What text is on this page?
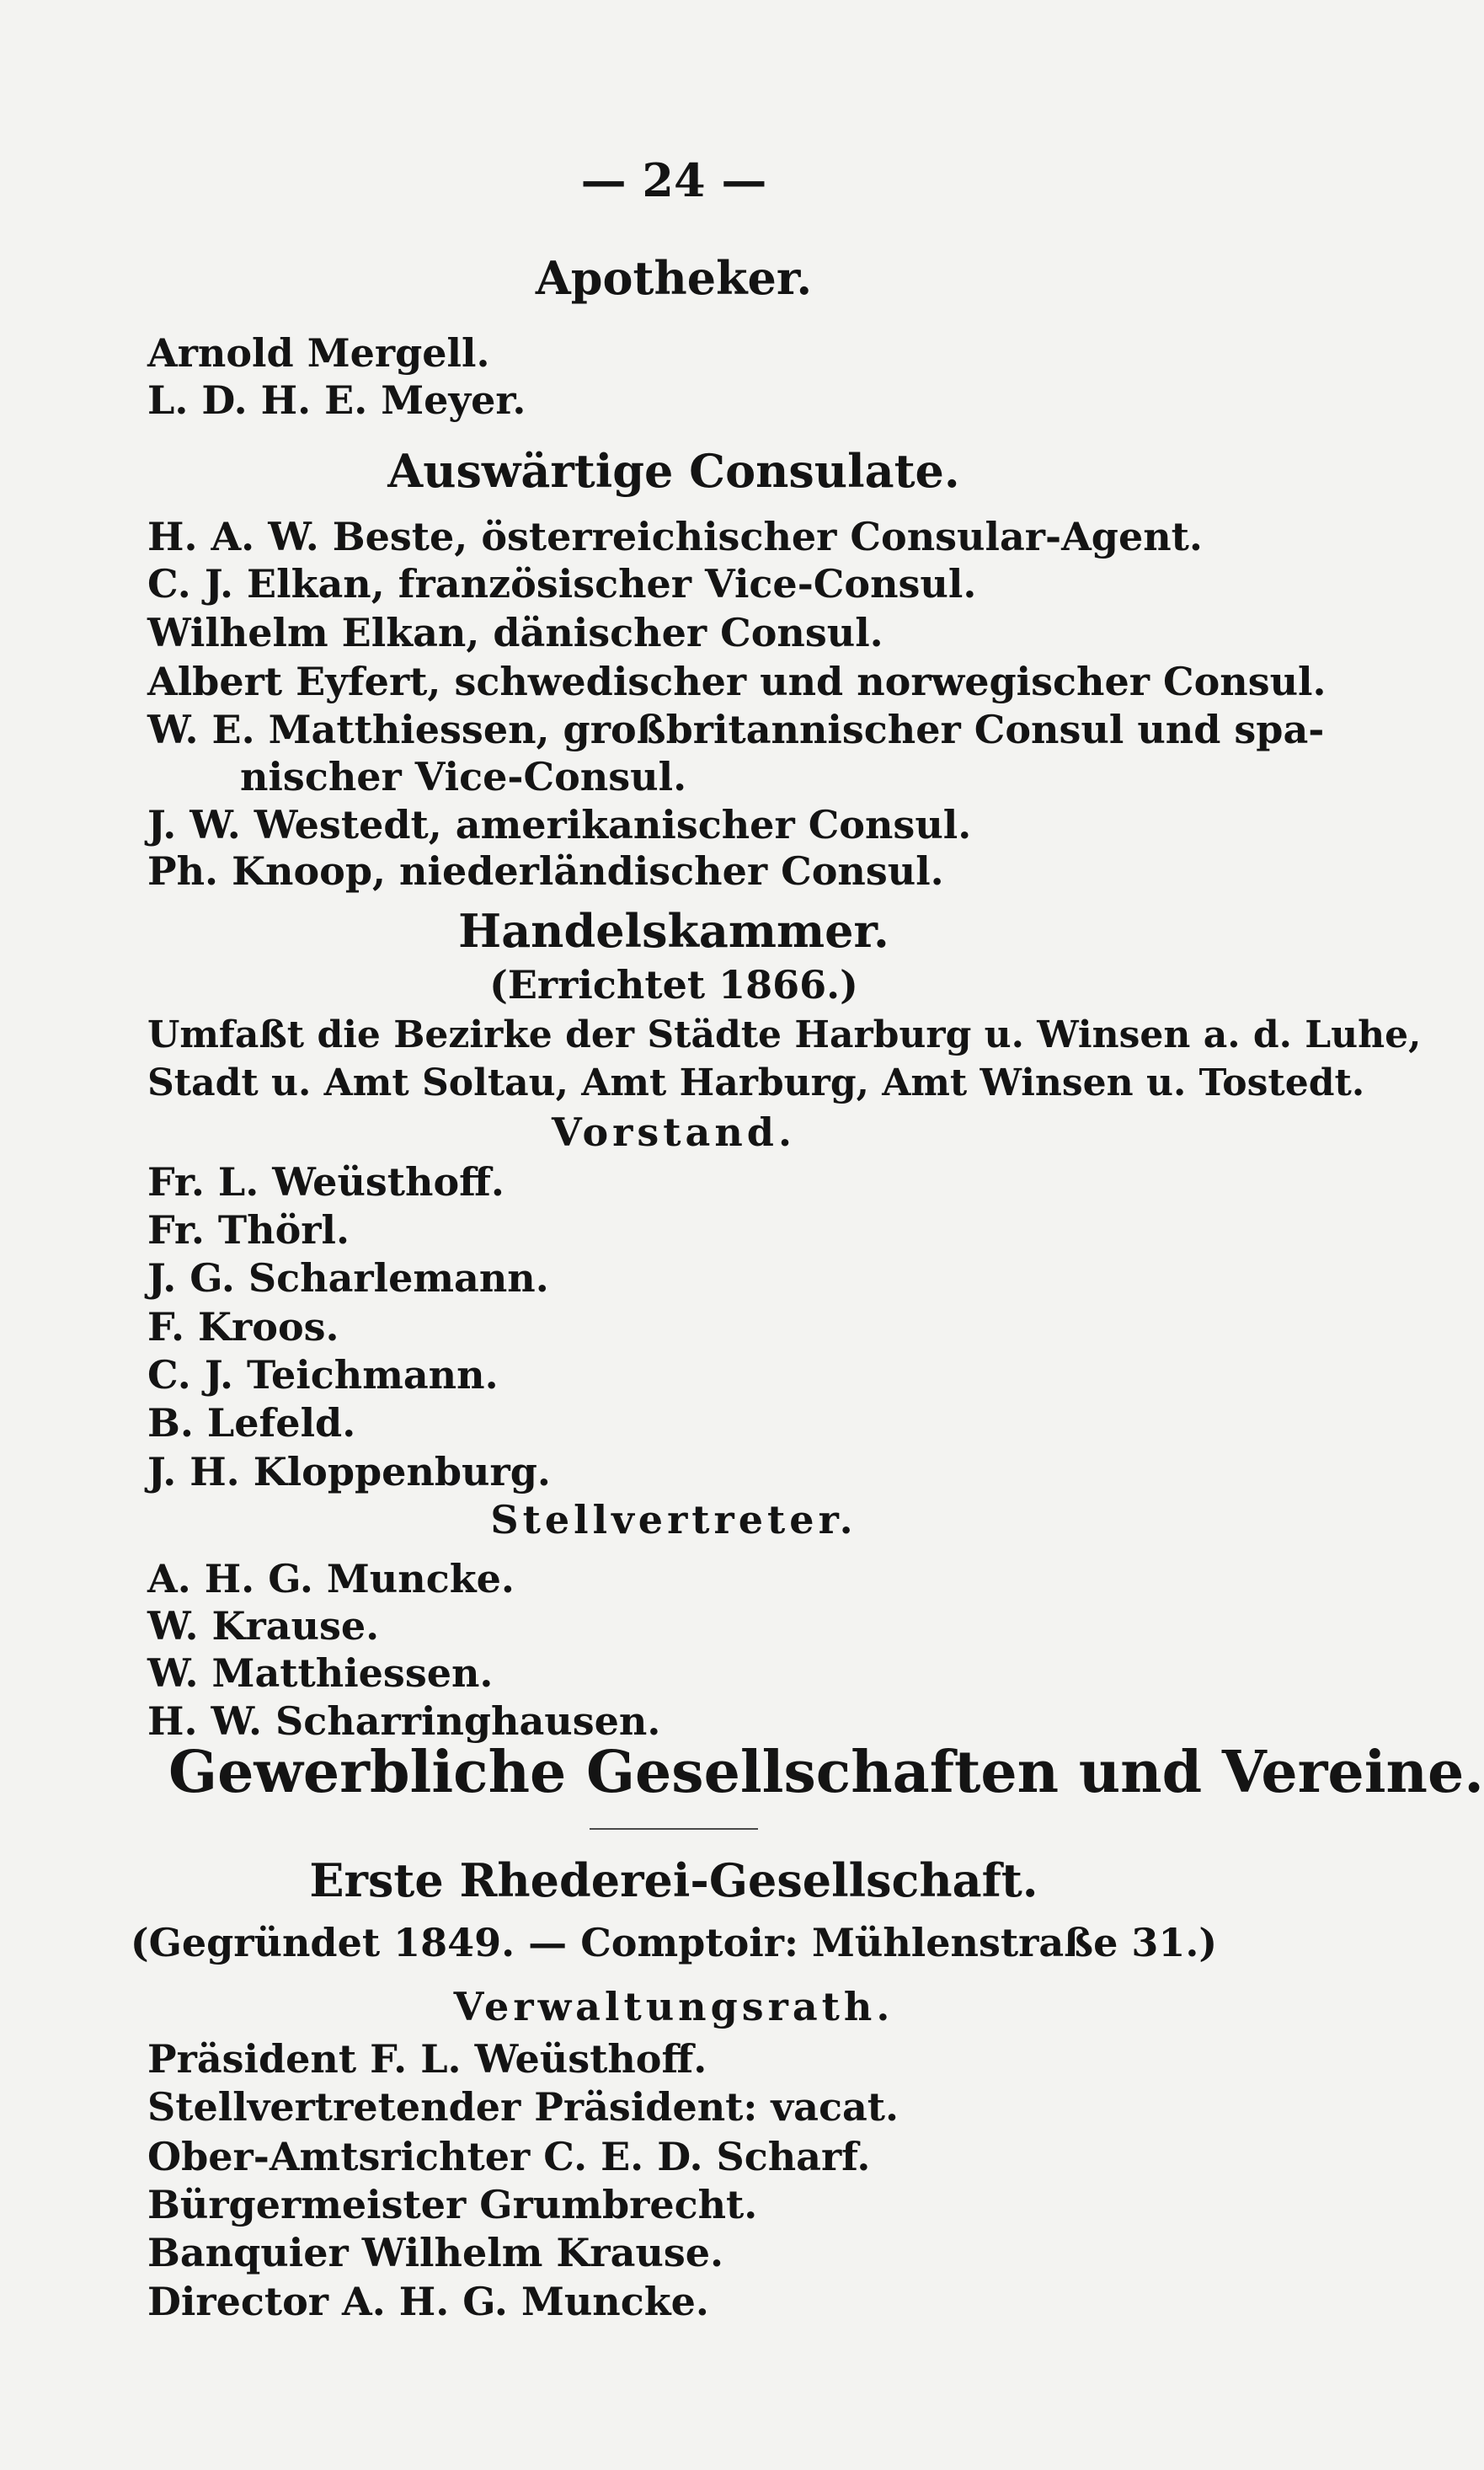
— 24 —

Apotheker.

Arnold Mergell.

L. D. H. E. Meyer.

Auswärtige Consulate.

H. A. W. Beste, österreichischer Consular-Agent.

C. J. Elkan, französischer Vice-Consul.

Wilhelm Elkan, dänischer Consul.

Albert Eyfert, schwedischer und norwegischer Consul.

W. E. Matthiessen, großbritannischer Consul und spa-

nischer Vice-Consul.

J. W. Westedt, amerikanischer Consul.

Ph. Knoop, niederländischer Consul.

Handelskammer.

(Errichtet 1866.)

Umfaßt die Bezirke der Städte Harburg u. Winsen a. d. Luhe,

Stadt u. Amt Soltau, Amt Harburg, Amt Winsen u. Tostedt.

Vorstand.

Fr. L. Weüsthoff.

Fr. Thörl.

J. G. Scharlemann.

F. Kroos.

C. J. Teichmann.

B. Lefeld.

J. H. Kloppenburg.

Stellvertreter.

A. H. G. Muncke.

W. Krause.

W. Matthiessen.

H. W. Scharringhausen.

Gewerbliche Gesellschaften und Vereine.

Erste Rhederei-Gesellschaft.

(Gegründet 1849. — Comptoir: Mühlenstraße 31.)

Verwaltungsrath.

Präsident F. L. Weüsthoff.

Stellvertretender Präsident: vacat.

Ober-Amtsrichter C. E. D. Scharf.

Bürgermeister Grumbrecht.

Banquier Wilhelm Krause.

Director A. H. G. Muncke.
